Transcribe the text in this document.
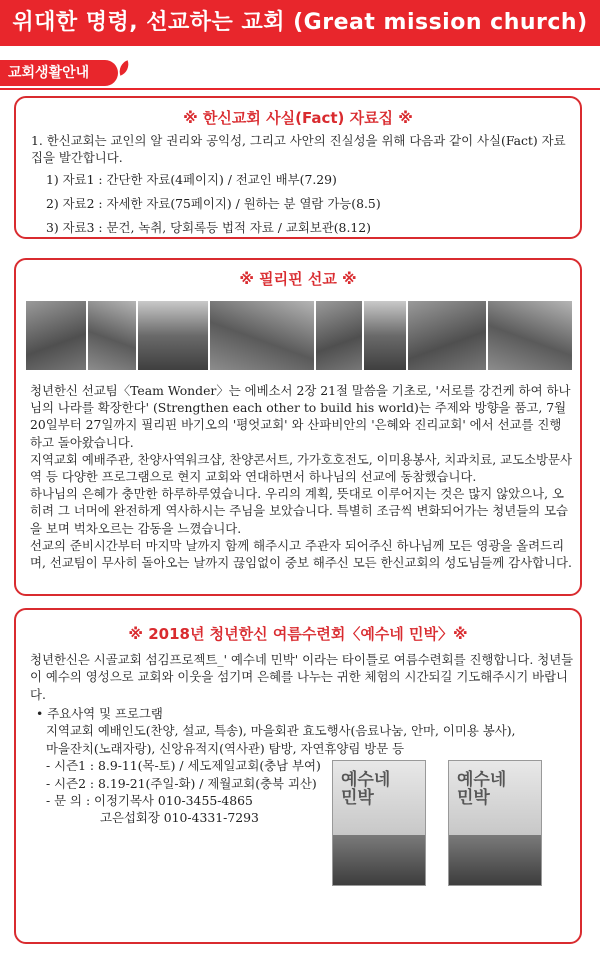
위대한 명령, 선교하는 교회 (Great mission church)
교회생활안내
※ 한신교회 사실(Fact) 자료집 ※
1. 한신교회는 교인의 알 권리와 공익성, 그리고 사안의 진실성을 위해 다음과 같이 사실(Fact) 자료집을 발간합니다.
1) 자료1 : 간단한 자료(4페이지) / 전교인 배부(7.29)
2) 자료2 : 자세한 자료(75페이지) / 원하는 분 열람 가능(8.5)
3) 자료3 : 문건, 녹취, 당회록등 법적 자료 / 교회보관(8.12)
※ 필리핀 선교 ※

청년한신 선교팀〈Team Wonder〉는 에베소서 2장 21절 말씀을 기초로, '서로를 강건케 하여 하나님의 나라를 확장한다' (Strengthen each other to build his world)는 주제와 방향을 품고, 7월 20일부터 27일까지 필리핀 바기오의 '평엇교회' 와 산파비안의 '은혜와 진리교회' 에서 선교를 진행하고 돌아왔습니다.

지역교회 예배주관, 찬양사역워크샵, 찬양콘서트, 가가호호전도, 이미용봉사, 치과치료, 교도소방문사역 등 다양한 프로그램으로 현지 교회와 연대하면서 하나님의 선교에 동참했습니다.

하나님의 은혜가 충만한 하루하루였습니다. 우리의 계획, 뜻대로 이루어지는 것은 많지 않았으나, 오히려 그 너머에 완전하게 역사하시는 주님을 보았습니다. 특별히 조금씩 변화되어가는 청년들의 모습을 보며 벅차오르는 감동을 느꼈습니다.

선교의 준비시간부터 마지막 날까지 함께 해주시고 주관자 되어주신 하나님께 모든 영광을 올려드리며, 선교팀이 무사히 돌아오는 날까지 끊임없이 중보 해주신 모든 한신교회의 성도님들께 감사합니다.

※ 2018년 청년한신 여름수련회〈예수네 민박〉※
청년한신은 시골교회 섬김프로젝트_' 예수네 민박' 이라는 타이틀로 여름수련회를 진행합니다. 청년들이 예수의 영성으로 교회와 이웃을 섬기며 은혜를 나누는 귀한 체험의 시간되길 기도해주시기 바랍니다.
• 주요사역 및 프로그램
지역교회 예배인도(찬양, 설교, 특송), 마을회관 효도행사(음료나눔, 안마, 이미용 봉사),
마을잔치(노래자랑), 신앙유적지(역사관) 탐방, 자연휴양림 방문 등
- 시즌1 : 8.9-11(목-토) / 세도제일교회(충남 부여)
- 시즌2 : 8.19-21(주일-화) / 제월교회(충북 괴산)
- 문 의 : 이정기목사 010-3455-4865
고은섭회장 010-4331-7293
예수네
민박
예수네
민박
